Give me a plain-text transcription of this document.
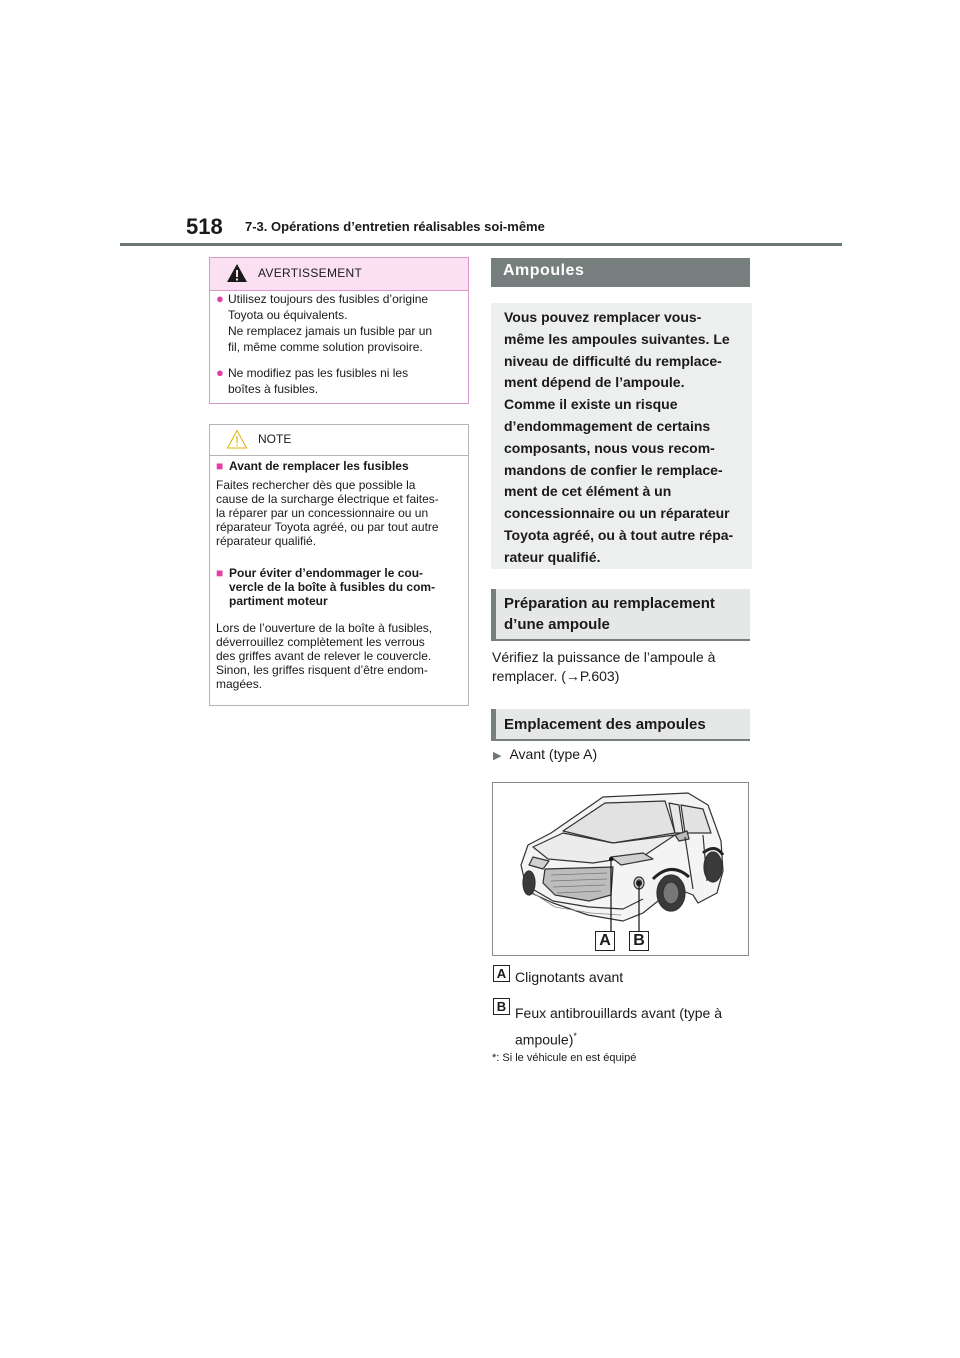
518 7-3. Opérations d’entretien réalisables soi-même
AVERTISSEMENT
● Utilisez toujours des fusibles d’origine
Toyota ou équivalents.
Ne remplacez jamais un fusible par un
fil, même comme solution provisoire.
● Ne modifiez pas les fusibles ni les
boîtes à fusibles.
NOTE
■ Avant de remplacer les fusibles
Faites rechercher dès que possible la
cause de la surcharge électrique et faites-
la réparer par un concessionnaire ou un
réparateur Toyota agréé, ou par tout autre
réparateur qualifié.
■ Pour éviter d’endommager le cou-
vercle de la boîte à fusibles du com-
partiment moteur
Lors de l’ouverture de la boîte à fusibles,
déverrouillez complètement les verrous
des griffes avant de relever le couvercle.
Sinon, les griffes risquent d’être endom-
magées.
Ampoules
Vous pouvez remplacer vous-
même les ampoules suivantes. Le
niveau de difficulté du remplace-
ment dépend de l’ampoule.
Comme il existe un risque
d’endommagement de certains
composants, nous vous recom-
mandons de confier le remplace-
ment de cet élément à un
concessionnaire ou un réparateur
Toyota agréé, ou à tout autre répa-
rateur qualifié.
Préparation au remplacement
d’une ampoule
Vérifiez la puissance de l’ampoule à
remplacer. (→P.603)
Emplacement des ampoules
▶ Avant (type A)
A B
A Clignotants avant
B Feux antibrouillards avant (type à
ampoule)*
*: Si le véhicule en est équipé
